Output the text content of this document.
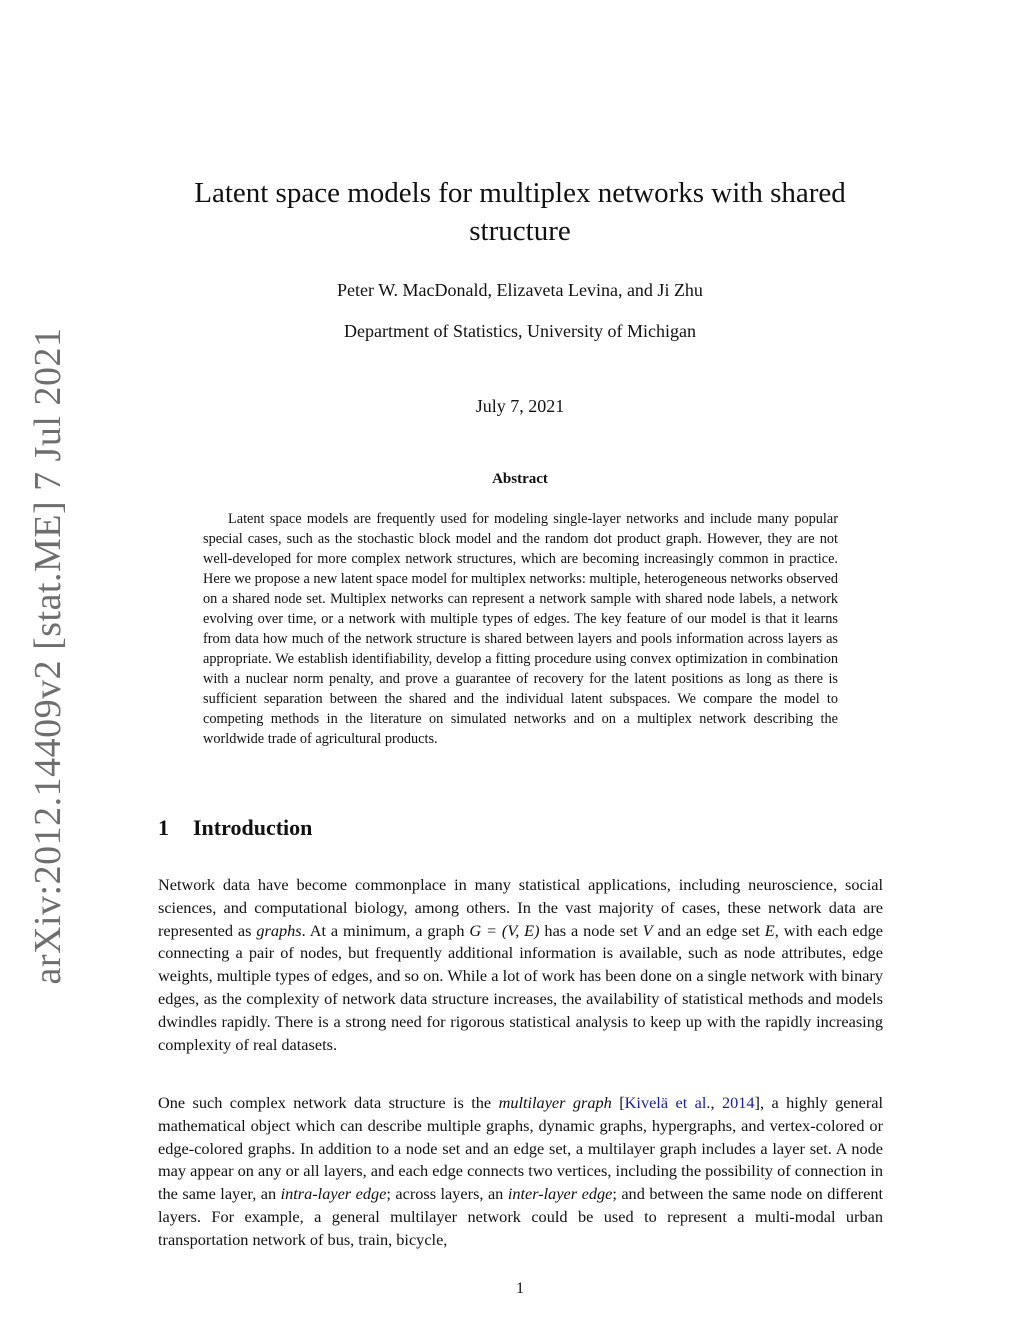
arXiv:2012.14409v2 [stat.ME] 7 Jul 2021
Latent space models for multiplex networks with shared structure
Peter W. MacDonald, Elizaveta Levina, and Ji Zhu
Department of Statistics, University of Michigan
July 7, 2021
Abstract

Latent space models are frequently used for modeling single-layer networks and include many popular special cases, such as the stochastic block model and the random dot product graph. However, they are not well-developed for more complex network structures, which are becoming increasingly common in practice. Here we propose a new latent space model for multiplex networks: multiple, heterogeneous networks observed on a shared node set. Multiplex networks can represent a network sample with shared node labels, a network evolving over time, or a network with multiple types of edges. The key feature of our model is that it learns from data how much of the network structure is shared between layers and pools information across layers as appropriate. We establish identifiability, develop a fitting procedure using convex optimization in combination with a nuclear norm penalty, and prove a guarantee of recovery for the latent positions as long as there is sufficient separation between the shared and the individual latent subspaces. We compare the model to competing methods in the literature on simulated networks and on a multiplex network describing the worldwide trade of agricultural products.

1 Introduction

Network data have become commonplace in many statistical applications, including neuroscience, social sciences, and computational biology, among others. In the vast majority of cases, these network data are represented as graphs. At a minimum, a graph G = (V, E) has a node set V and an edge set E, with each edge connecting a pair of nodes, but frequently additional information is available, such as node attributes, edge weights, multiple types of edges, and so on. While a lot of work has been done on a single network with binary edges, as the complexity of network data structure increases, the availability of statistical methods and models dwindles rapidly. There is a strong need for rigorous statistical analysis to keep up with the rapidly increasing complexity of real datasets.

One such complex network data structure is the multilayer graph [Kivelä et al., 2014], a highly general mathematical object which can describe multiple graphs, dynamic graphs, hypergraphs, and vertex-colored or edge-colored graphs. In addition to a node set and an edge set, a multilayer graph includes a layer set. A node may appear on any or all layers, and each edge connects two vertices, including the possibility of connection in the same layer, an intra-layer edge; across layers, an inter-layer edge; and between the same node on different layers. For example, a general multilayer network could be used to represent a multi-modal urban transportation network of bus, train, bicycle,

1
